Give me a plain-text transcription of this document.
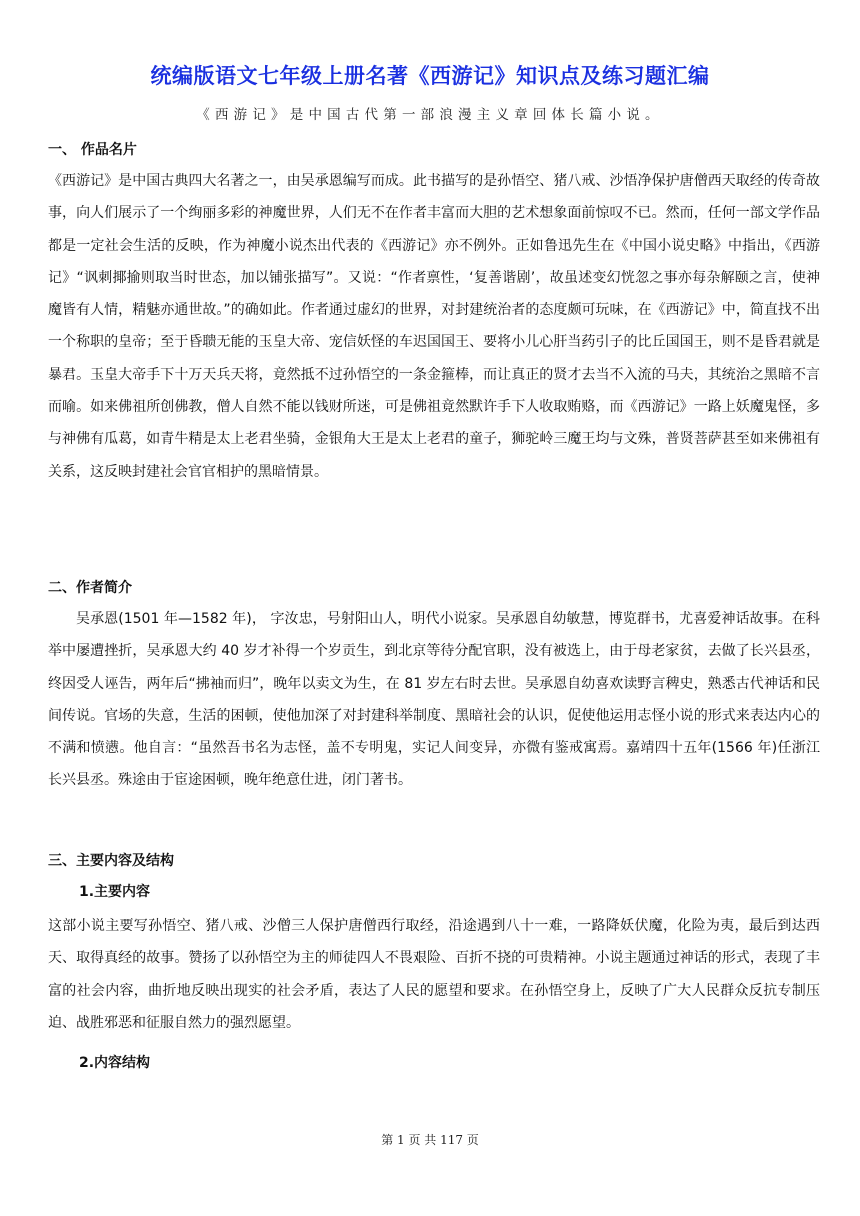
统编版语文七年级上册名著《西游记》知识点及练习题汇编
《西游记》是中国古代第一部浪漫主义章回体长篇小说。
一、 作品名片

《西游记》是中国古典四大名著之一，由吴承恩编写而成。此书描写的是孙悟空、猪八戒、沙悟净保护唐僧西天取经的传奇故事，向人们展示了一个绚丽多彩的神魔世界，人们无不在作者丰富而大胆的艺术想象面前惊叹不已。然而，任何一部文学作品都是一定社会生活的反映，作为神魔小说杰出代表的《西游记》亦不例外。正如鲁迅先生在《中国小说史略》中指出，《西游记》“讽刺揶揄则取当时世态，加以铺张描写”。又说：“作者禀性，‘复善谐剧’，故虽述变幻恍忽之事亦每杂解颐之言，使神魔皆有人情，精魅亦通世故。”的确如此。作者通过虚幻的世界，对封建统治者的态度颇可玩味，在《西游记》中，简直找不出一个称职的皇帝；至于昏聩无能的玉皇大帝、宠信妖怪的车迟国国王、要将小儿心肝当药引子的比丘国国王，则不是昏君就是暴君。玉皇大帝手下十万天兵天将，竟然抵不过孙悟空的一条金箍棒，而让真正的贤才去当不入流的马夫，其统治之黑暗不言而喻。如来佛祖所创佛教，僧人自然不能以钱财所迷，可是佛祖竟然默许手下人收取贿赂，而《西游记》一路上妖魔鬼怪，多与神佛有瓜葛，如青牛精是太上老君坐骑，金银角大王是太上老君的童子，狮驼岭三魔王均与文殊，普贤菩萨甚至如来佛祖有关系，这反映封建社会官官相护的黑暗情景。

二、作者简介

吴承恩(1501 年—1582 年)， 字汝忠，号射阳山人，明代小说家。吴承恩自幼敏慧，博览群书，尤喜爱神话故事。在科举中屡遭挫折，吴承恩大约 40 岁才补得一个岁贡生，到北京等待分配官职，没有被选上，由于母老家贫，去做了长兴县丞，终因受人诬告，两年后“拂袖而归”，晚年以卖文为生，在 81 岁左右时去世。吴承恩自幼喜欢读野言稗史，熟悉古代神话和民间传说。官场的失意，生活的困顿，使他加深了对封建科举制度、黑暗社会的认识，促使他运用志怪小说的形式来表达内心的不满和愤懑。他自言：“虽然吾书名为志怪，盖不专明鬼，实记人间变异，亦微有鉴戒寓焉。嘉靖四十五年(1566 年)任浙江长兴县丞。殊途由于宦途困顿，晚年绝意仕进，闭门著书。

三、主要内容及结构
1.主要内容

这部小说主要写孙悟空、猪八戒、沙僧三人保护唐僧西行取经，沿途遇到八十一难，一路降妖伏魔，化险为夷，最后到达西天、取得真经的故事。赞扬了以孙悟空为主的师徒四人不畏艰险、百折不挠的可贵精神。小说主题通过神话的形式，表现了丰富的社会内容，曲折地反映出现实的社会矛盾，表达了人民的愿望和要求。在孙悟空身上，反映了广大人民群众反抗专制压迫、战胜邪恶和征服自然力的强烈愿望。

2.内容结构
第 1 页 共 117 页
